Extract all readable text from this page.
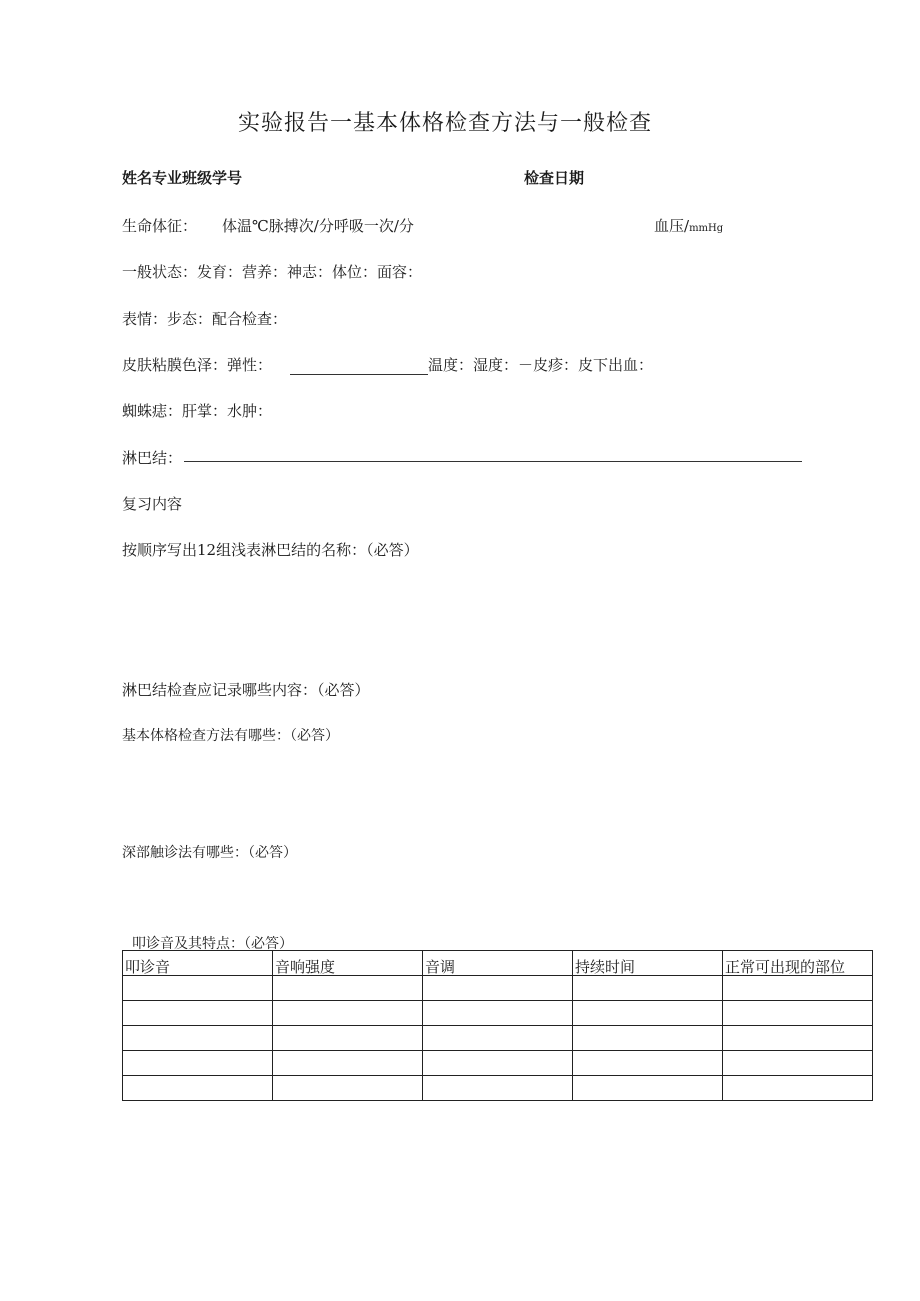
实验报告一基本体格检查方法与一般检查
姓名专业班级学号	检查日期
生命体征： 体温℃脉搏次/分呼吸一次/分	血压/mmHg
一般状态：发育：营养：神志：体位：面容：
表情：步态：配合检查：
皮肤粘膜色泽：弹性：	温度：湿度：－皮疹：皮下出血：
蜘蛛痣：肝掌：水肿：
淋巴结：
复习内容
按顺序写出12组浅表淋巴结的名称：（必答）
淋巴结检查应记录哪些内容：（必答）
基本体格检查方法有哪些：（必答）
深部触诊法有哪些：（必答）
叩诊音及其特点：（必答）
叩诊音	音响强度	音调	持续时间	正常可出现的部位
